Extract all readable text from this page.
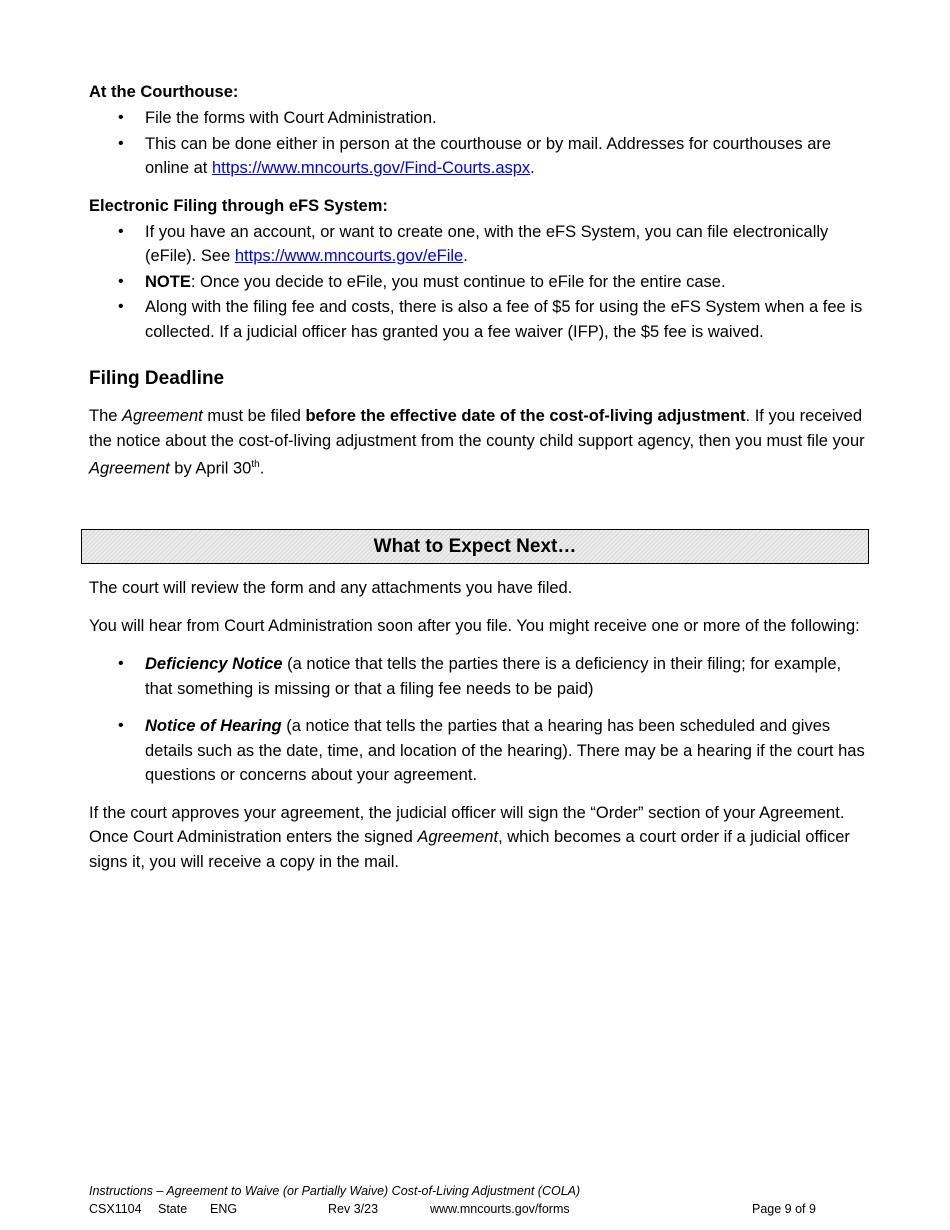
At the Courthouse:

• File the forms with Court Administration.
• This can be done either in person at the courthouse or by mail. Addresses for courthouses are online at https://www.mncourts.gov/Find-Courts.aspx.

Electronic Filing through eFS System:

• If you have an account, or want to create one, with the eFS System, you can file electronically (eFile). See https://www.mncourts.gov/eFile.
• NOTE: Once you decide to eFile, you must continue to eFile for the entire case.
• Along with the filing fee and costs, there is also a fee of $5 for using the eFS System when a fee is collected. If a judicial officer has granted you a fee waiver (IFP), the $5 fee is waived.

Filing Deadline

The Agreement must be filed before the effective date of the cost-of-living adjustment. If you received the notice about the cost-of-living adjustment from the county child support agency, then you must file your Agreement by April 30th.

What to Expect Next…

The court will review the form and any attachments you have filed.

You will hear from Court Administration soon after you file. You might receive one or more of the following:

• Deficiency Notice (a notice that tells the parties there is a deficiency in their filing; for example, that something is missing or that a filing fee needs to be paid)
• Notice of Hearing (a notice that tells the parties that a hearing has been scheduled and gives details such as the date, time, and location of the hearing). There may be a hearing if the court has questions or concerns about your agreement.

If the court approves your agreement, the judicial officer will sign the “Order” section of your Agreement. Once Court Administration enters the signed Agreement, which becomes a court order if a judicial officer signs it, you will receive a copy in the mail.

Instructions – Agreement to Waive (or Partially Waive) Cost-of-Living Adjustment (COLA)
CSX1104 State ENG	Rev 3/23	www.mncourts.gov/forms	Page 9 of 9
